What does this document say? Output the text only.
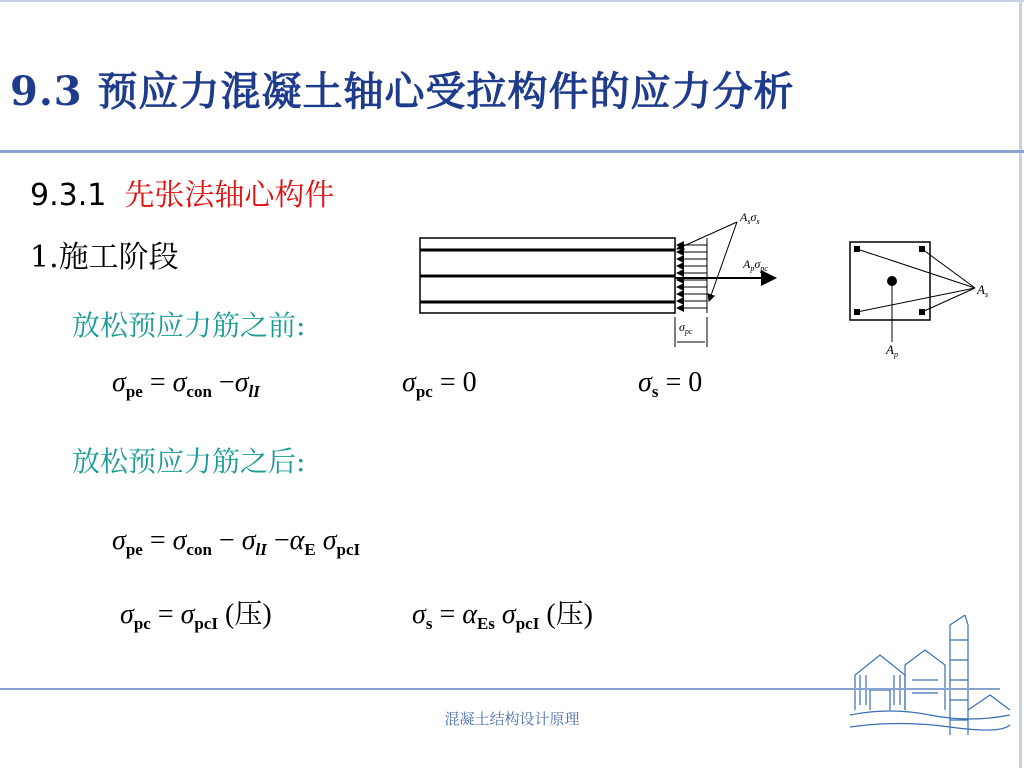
9.3 预应力混凝土轴心受拉构件的应力分析
9.3.1 先张法轴心构件
1.施工阶段
$A_s\sigma_s$
$A_p\sigma_{pc}$
$\sigma_{pc}$
$A_s$
$A_p$
放松预应力筋之前:
$\sigma_{pe} = \sigma_{con} -\sigma_{lI}$	$\sigma_{pc} = 0$	$\sigma_s = 0$
放松预应力筋之后:
$\sigma_{pe} = \sigma_{con} - \sigma_{lI} -\alpha_E$ $\sigma_{pcI}$
$\sigma_{pc} = \sigma_{pcI}$ (压)	$\sigma_s = \alpha_{Es}$ $\sigma_{pcI}$ (压)
混凝土结构设计原理
